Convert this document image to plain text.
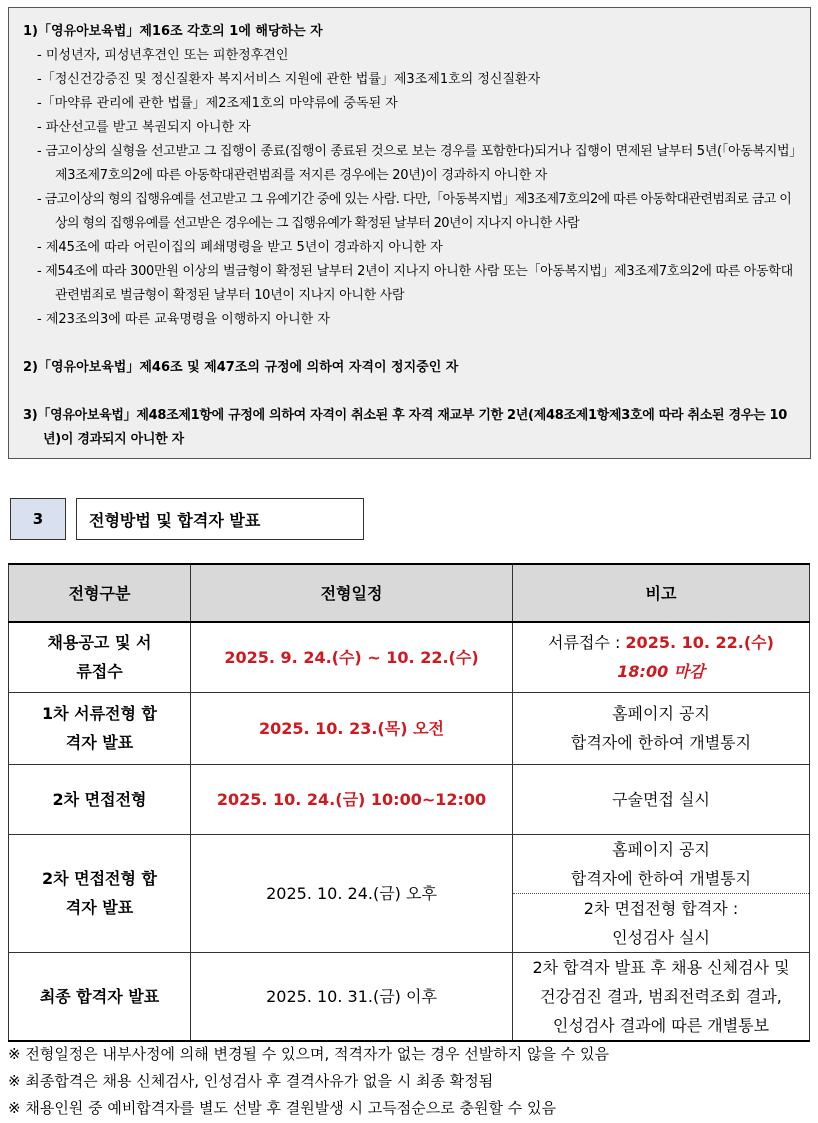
1)「영유아보육법」제16조 각호의 1에 해당하는 자
- 미성년자, 피성년후견인 또는 피한정후견인
-「정신건강증진 및 정신질환자 복지서비스 지원에 관한 법률」제3조제1호의 정신질환자
-「마약류 관리에 관한 법률」제2조제1호의 마약류에 중독된 자
- 파산선고를 받고 복권되지 아니한 자
- 금고이상의 실형을 선고받고 그 집행이 종료(집행이 종료된 것으로 보는 경우를 포함한다)되거나 집행이 면제된 날부터 5년(「아동복지법」제3조제7호의2에 따른 아동학대관련범죄를 저지른 경우에는 20년)이 경과하지 아니한 자
- 금고이상의 형의 집행유예를 선고받고 그 유예기간 중에 있는 사람. 다만,「아동복지법」제3조제7호의2에 따른 아동학대관련범죄로 금고 이상의 형의 집행유예를 선고받은 경우에는 그 집행유예가 확정된 날부터 20년이 지나지 아니한 사람
- 제45조에 따라 어린이집의 폐쇄명령을 받고 5년이 경과하지 아니한 자
- 제54조에 따라 300만원 이상의 벌금형이 확정된 날부터 2년이 지나지 아니한 사람 또는「아동복지법」제3조제7호의2에 따른 아동학대관련범죄로 벌금형이 확정된 날부터 10년이 지나지 아니한 사람
- 제23조의3에 따른 교육명령을 이행하지 아니한 자
2)「영유아보육법」제46조 및 제47조의 규정에 의하여 자격이 정지중인 자
3)「영유아보육법」제48조제1항에 규정에 의하여 자격이 취소된 후 자격 재교부 기한 2년(제48조제1항제3호에 따라 취소된 경우는 10년)이 경과되지 아니한 자
3	전형방법 및 합격자 발표
전형구분	전형일정	비고

채용공고 및 서류접수	2025. 9. 24.(수) ~ 10. 22.(수)	서류접수 : 2025. 10. 22.(수)
18:00 마감

1차 서류전형 합격자 발표	2025. 10. 23.(목) 오전	홈페이지 공지
합격자에 한하여 개별통지

2차 면접전형	2025. 10. 24.(금) 10:00~12:00	구술면접 실시

2차 면접전형 합격자 발표	2025. 10. 24.(금) 오후	홈페이지 공지
합격자에 한하여 개별통지

		2차 면접전형 합격자 :
인성검사 실시

최종 합격자 발표	2025. 10. 31.(금) 이후	2차 합격자 발표 후 채용 신체검사 및
건강검진 결과, 범죄전력조회 결과,
인성검사 결과에 따른 개별통보
※ 전형일정은 내부사정에 의해 변경될 수 있으며, 적격자가 없는 경우 선발하지 않을 수 있음
※ 최종합격은 채용 신체검사, 인성검사 후 결격사유가 없을 시 최종 확정됨
※ 채용인원 중 예비합격자를 별도 선발 후 결원발생 시 고득점순으로 충원할 수 있음
